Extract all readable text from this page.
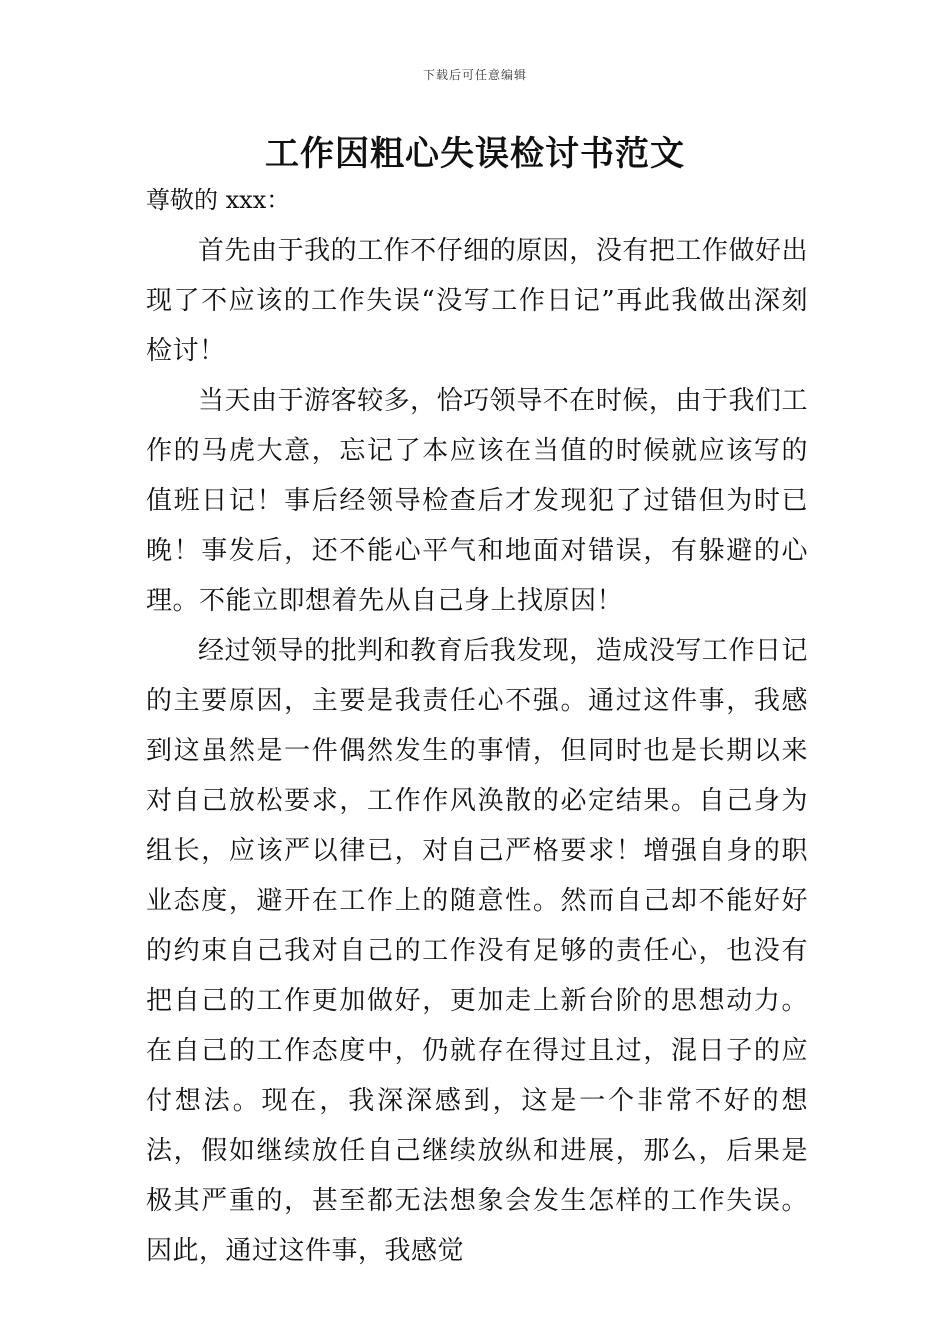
下载后可任意编辑
工作因粗心失误检讨书范文
尊敬的 xxx：

首先由于我的工作不仔细的原因，没有把工作做好出现了不应该的工作失误“没写工作日记”再此我做出深刻检讨！

当天由于游客较多，恰巧领导不在时候，由于我们工作的马虎大意，忘记了本应该在当值的时候就应该写的值班日记！事后经领导检查后才发现犯了过错但为时已晚！事发后，还不能心平气和地面对错误，有躲避的心理。不能立即想着先从自己身上找原因！

经过领导的批判和教育后我发现，造成没写工作日记的主要原因，主要是我责任心不强。通过这件事，我感到这虽然是一件偶然发生的事情，但同时也是长期以来对自己放松要求，工作作风涣散的必定结果。自己身为组长，应该严以律已，对自己严格要求！增强自身的职业态度，避开在工作上的随意性。然而自己却不能好好的约束自己我对自己的工作没有足够的责任心，也没有把自己的工作更加做好，更加走上新台阶的思想动力。在自己的工作态度中，仍就存在得过且过，混日子的应付想法。现在，我深深感到，这是一个非常不好的想法，假如继续放任自己继续放纵和进展，那么，后果是极其严重的，甚至都无法想象会发生怎样的工作失误。因此，通过这件事，我感觉
